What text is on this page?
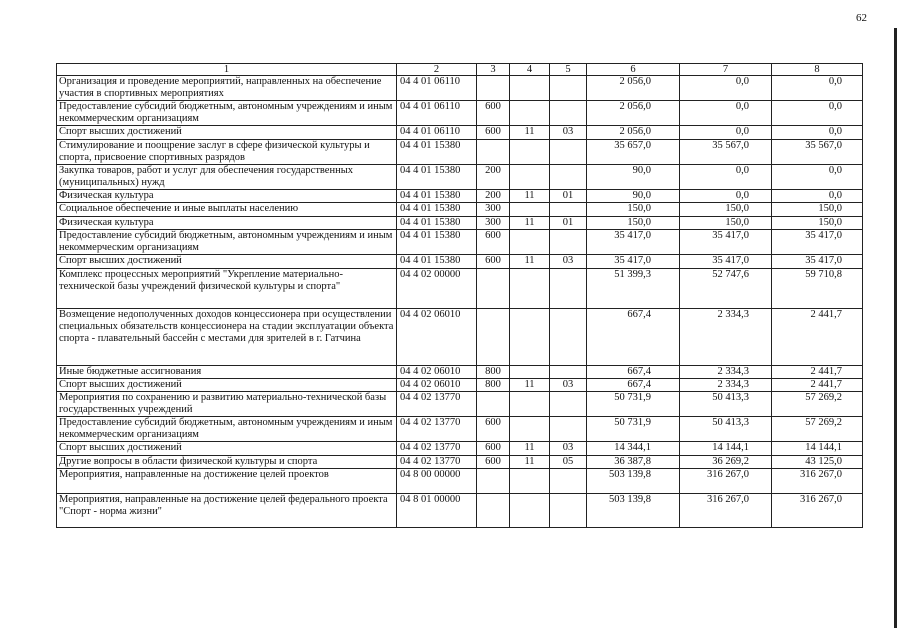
62
1	2	3	4	5	6	7	8
Организация и проведение мероприятий, направленных на обеспечение участия в спортивных мероприятиях	04 4 01 06110				2 056,0	0,0	0,0
Предоставление субсидий бюджетным, автономным учреждениям и иным некоммерческим организациям	04 4 01 06110	600			2 056,0	0,0	0,0
Спорт высших достижений	04 4 01 06110	600	11	03	2 056,0	0,0	0,0
Стимулирование и поощрение заслуг в сфере физической культуры и спорта, присвоение спортивных разрядов	04 4 01 15380				35 657,0	35 567,0	35 567,0
Закупка товаров, работ и услуг для обеспечения государственных (муниципальных) нужд	04 4 01 15380	200			90,0	0,0	0,0
Физическая культура	04 4 01 15380	200	11	01	90,0	0,0	0,0
Социальное обеспечение и иные выплаты населению	04 4 01 15380	300			150,0	150,0	150,0
Физическая культура	04 4 01 15380	300	11	01	150,0	150,0	150,0
Предоставление субсидий бюджетным, автономным учреждениям и иным некоммерческим организациям	04 4 01 15380	600			35 417,0	35 417,0	35 417,0
Спорт высших достижений	04 4 01 15380	600	11	03	35 417,0	35 417,0	35 417,0
Комплекс процессных мероприятий "Укрепление материально-технической базы учреждений физической культуры и спорта"	04 4 02 00000				51 399,3	52 747,6	59 710,8
Возмещение недополученных доходов концессионера при осуществлении специальных обязательств концессионера на стадии эксплуатации объекта спорта - плавательный бассейн с местами для зрителей в г. Гатчина	04 4 02 06010				667,4	2 334,3	2 441,7
Иные бюджетные ассигнования	04 4 02 06010	800			667,4	2 334,3	2 441,7
Спорт высших достижений	04 4 02 06010	800	11	03	667,4	2 334,3	2 441,7
Мероприятия по сохранению и развитию материально-технической базы государственных учреждений	04 4 02 13770				50 731,9	50 413,3	57 269,2
Предоставление субсидий бюджетным, автономным учреждениям и иным некоммерческим организациям	04 4 02 13770	600			50 731,9	50 413,3	57 269,2
Спорт высших достижений	04 4 02 13770	600	11	03	14 344,1	14 144,1	14 144,1
Другие вопросы в области физической культуры и спорта	04 4 02 13770	600	11	05	36 387,8	36 269,2	43 125,0
Мероприятия, направленные на достижение целей проектов	04 8 00 00000				503 139,8	316 267,0	316 267,0
Мероприятия, направленные на достижение целей федерального проекта "Спорт - норма жизни"	04 8 01 00000				503 139,8	316 267,0	316 267,0
